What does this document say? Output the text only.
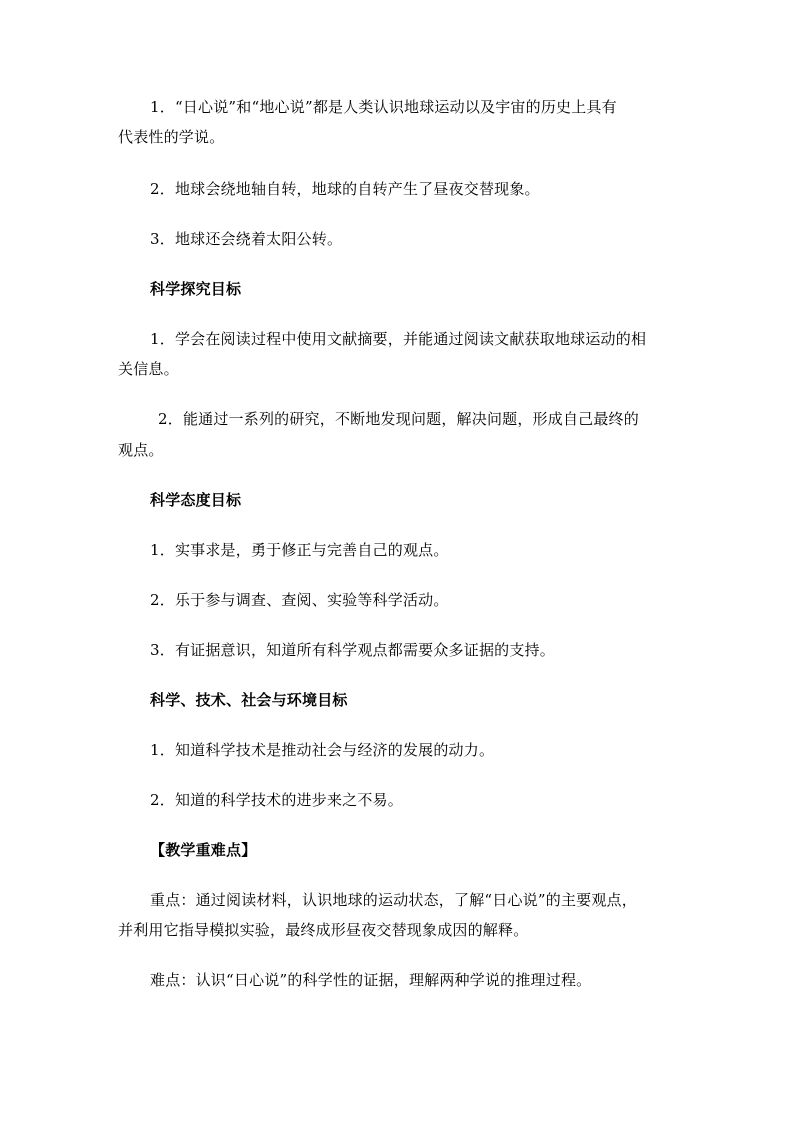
1．“日心说”和“地心说”都是人类认识地球运动以及宇宙的历史上具有
代表性的学说。
2．地球会绕地轴自转，地球的自转产生了昼夜交替现象。
3．地球还会绕着太阳公转。
科学探究目标
1．学会在阅读过程中使用文献摘要，并能通过阅读文献获取地球运动的相
关信息。
2．能通过一系列的研究，不断地发现问题，解决问题，形成自己最终的
观点。
科学态度目标
1．实事求是，勇于修正与完善自己的观点。
2．乐于参与调查、查阅、实验等科学活动。
3．有证据意识，知道所有科学观点都需要众多证据的支持。
科学、技术、社会与环境目标
1．知道科学技术是推动社会与经济的发展的动力。
2．知道的科学技术的进步来之不易。
【教学重难点】
重点：通过阅读材料，认识地球的运动状态，了解“日心说”的主要观点，
并利用它指导模拟实验，最终成形昼夜交替现象成因的解释。
难点：认识“日心说”的科学性的证据，理解两种学说的推理过程。
